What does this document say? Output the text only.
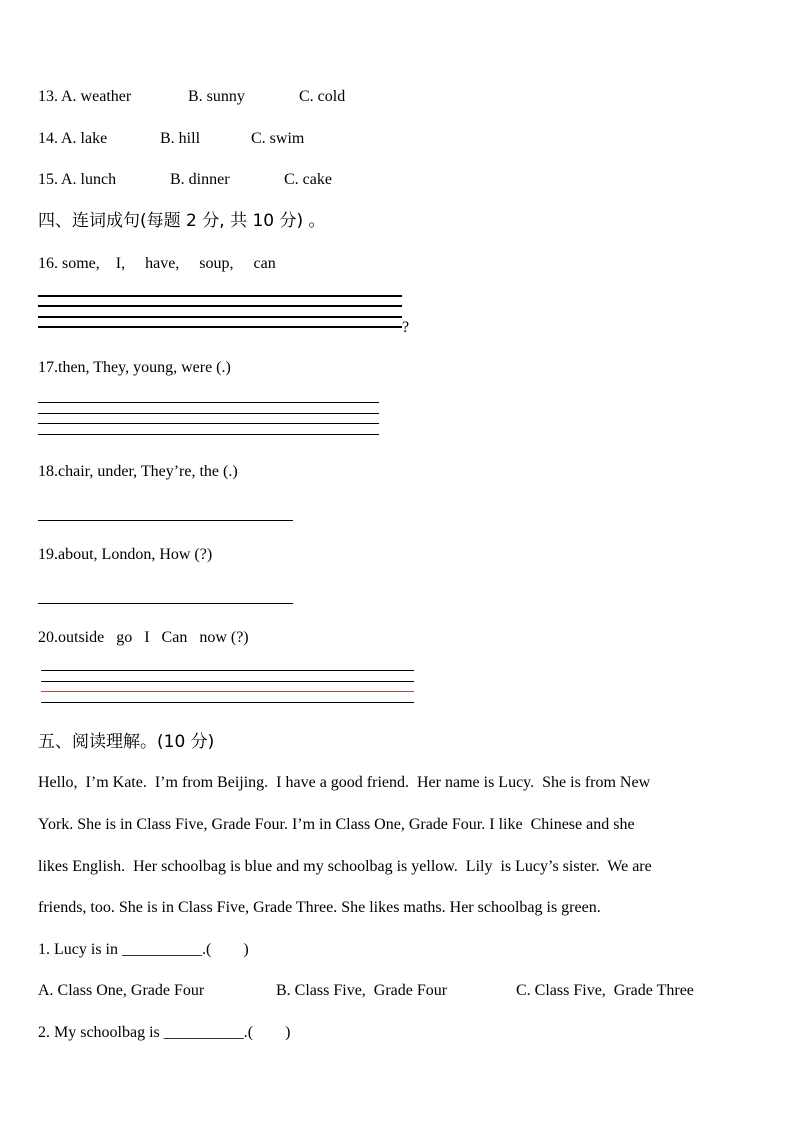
13. A. weather	B. sunny	C. cold
14. A. lake	B. hill	C. swim
15. A. lunch	B. dinner	C. cake
四、连词成句(每题 2 分, 共 10 分) 。
16. some,    I,     have,     soup,     can
?
17.then, They, young, were (.)
18.chair, under, They’re, the (.)
19.about, London, How (?)
20.outside   go   I   Can   now (?)
五、阅读理解。(10 分)
Hello,  I’m Kate.  I’m from Beijing.  I have a good friend.  Her name is Lucy.  She is from New
York. She is in Class Five, Grade Four. I’m in Class One, Grade Four. I like  Chinese and she
likes English.  Her schoolbag is blue and my schoolbag is yellow.  Lily  is Lucy’s sister.  We are
friends, too. She is in Class Five, Grade Three. She likes maths. Her schoolbag is green.
1. Lucy is in __________.(        )
A. Class One, Grade Four	B. Class Five,  Grade Four	C. Class Five,  Grade Three
2. My schoolbag is __________.(        )
